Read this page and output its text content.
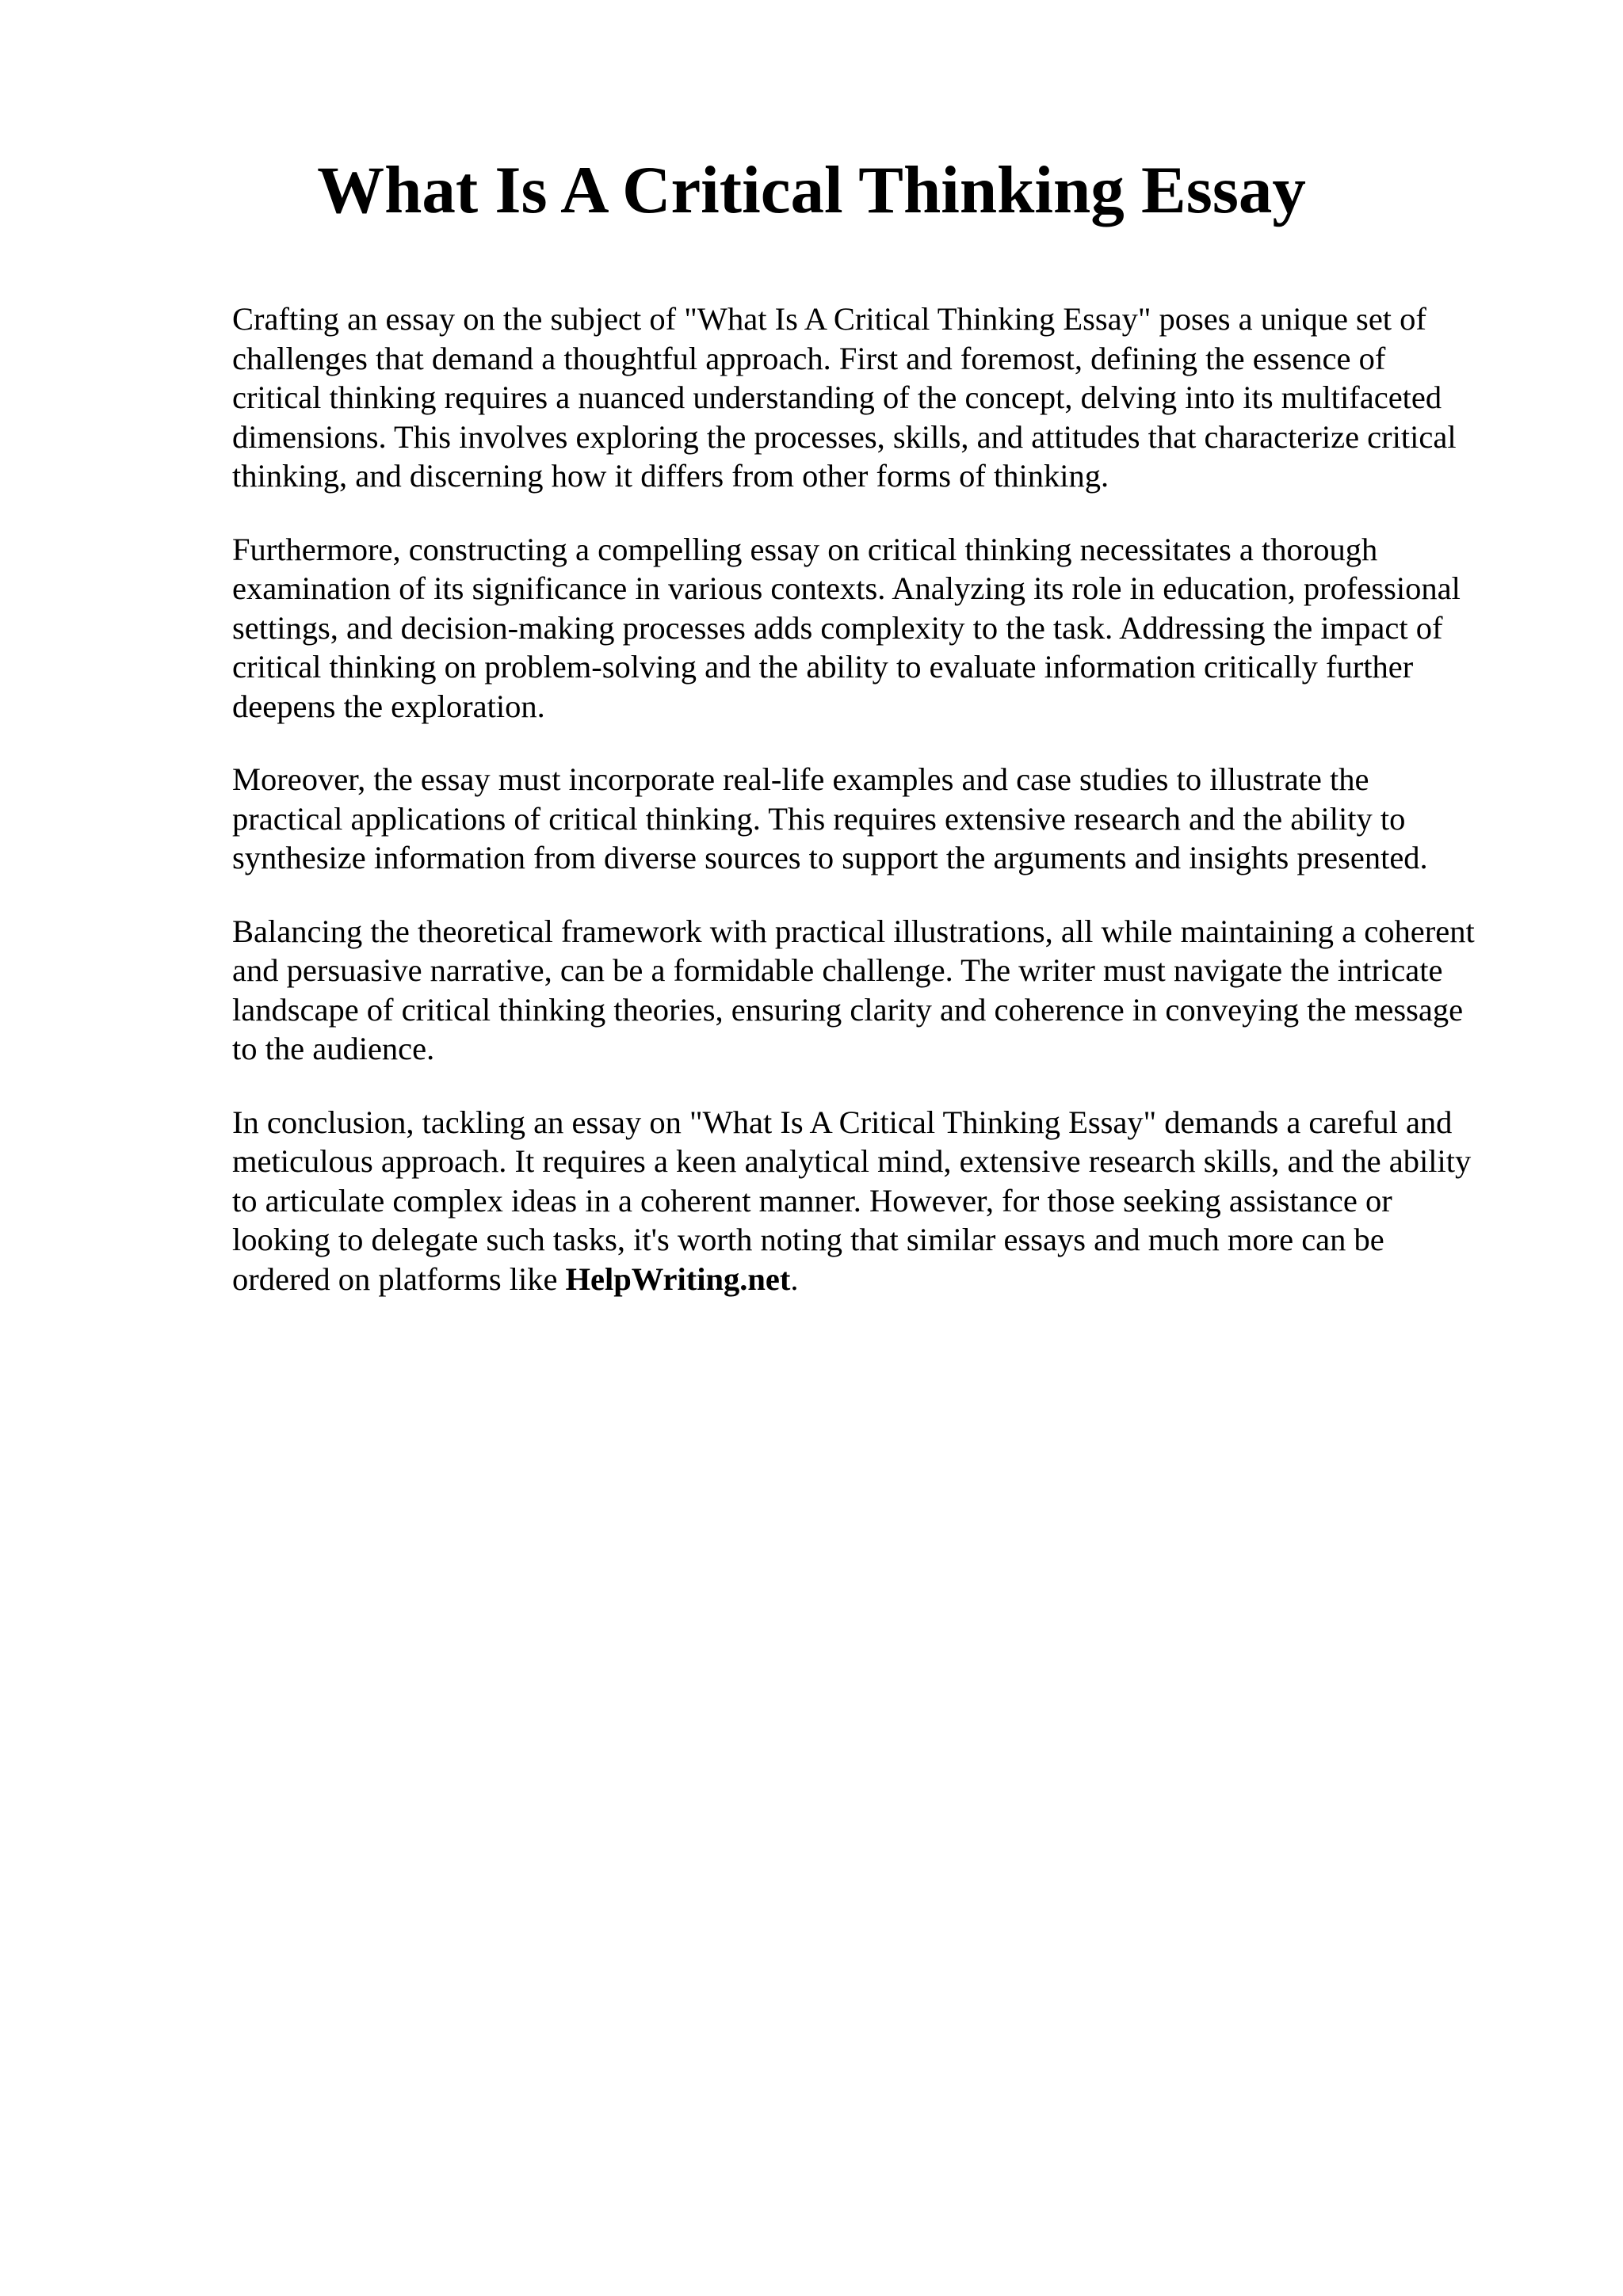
What Is A Critical Thinking Essay

Crafting an essay on the subject of "What Is A Critical Thinking Essay" poses a unique set of
challenges that demand a thoughtful approach. First and foremost, defining the essence of
critical thinking requires a nuanced understanding of the concept, delving into its multifaceted
dimensions. This involves exploring the processes, skills, and attitudes that characterize critical
thinking, and discerning how it differs from other forms of thinking.

Furthermore, constructing a compelling essay on critical thinking necessitates a thorough
examination of its significance in various contexts. Analyzing its role in education, professional
settings, and decision-making processes adds complexity to the task. Addressing the impact of
critical thinking on problem-solving and the ability to evaluate information critically further
deepens the exploration.

Moreover, the essay must incorporate real-life examples and case studies to illustrate the
practical applications of critical thinking. This requires extensive research and the ability to
synthesize information from diverse sources to support the arguments and insights presented.

Balancing the theoretical framework with practical illustrations, all while maintaining a coherent
and persuasive narrative, can be a formidable challenge. The writer must navigate the intricate
landscape of critical thinking theories, ensuring clarity and coherence in conveying the message
to the audience.

In conclusion, tackling an essay on "What Is A Critical Thinking Essay" demands a careful and
meticulous approach. It requires a keen analytical mind, extensive research skills, and the ability
to articulate complex ideas in a coherent manner. However, for those seeking assistance or
looking to delegate such tasks, it's worth noting that similar essays and much more can be
ordered on platforms like HelpWriting.net.
